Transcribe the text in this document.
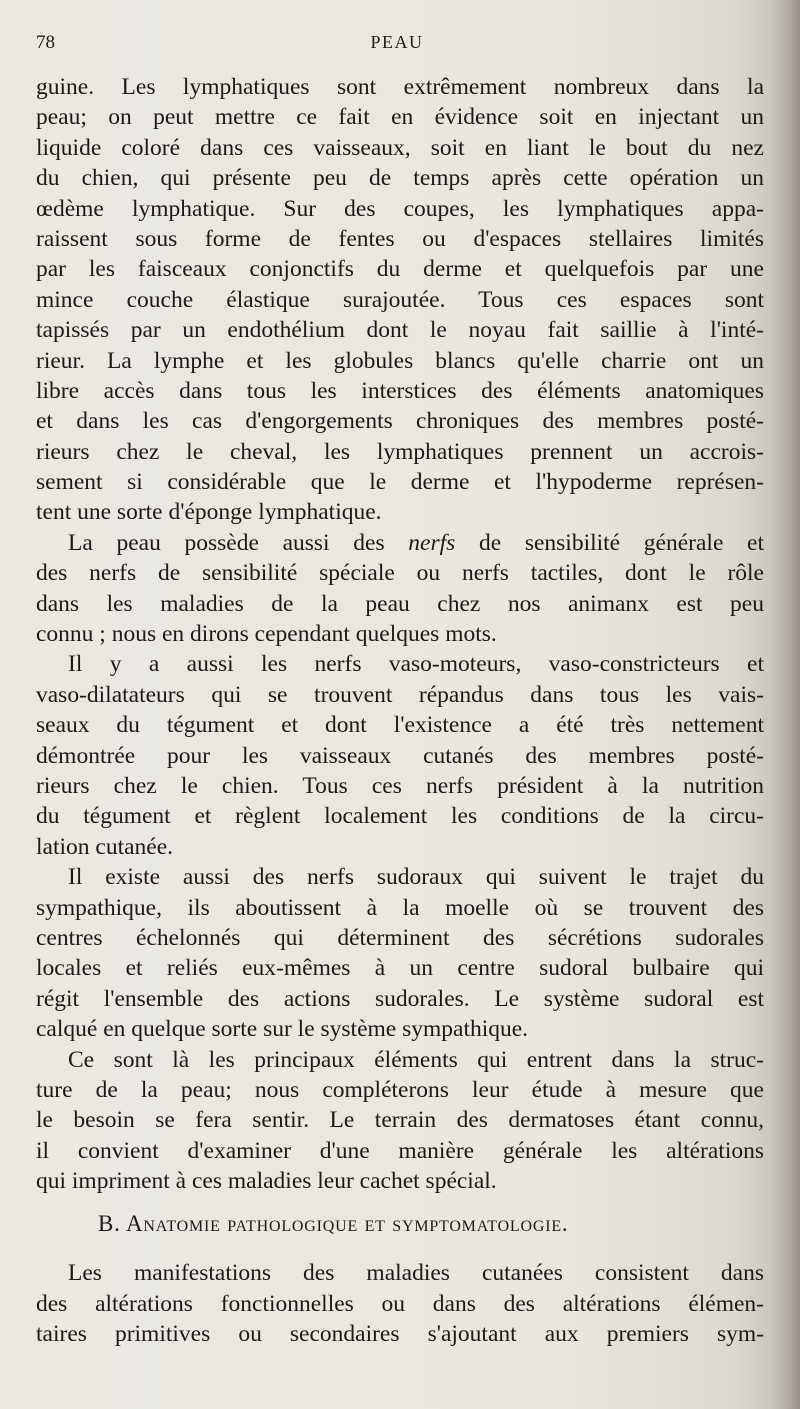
78	PEAU
guine. Les lymphatiques sont extrêmement nombreux dans la
peau; on peut mettre ce fait en évidence soit en injectant un
liquide coloré dans ces vaisseaux, soit en liant le bout du nez
du chien, qui présente peu de temps après cette opération un
œdème lymphatique. Sur des coupes, les lymphatiques appa-
raissent sous forme de fentes ou d'espaces stellaires limités
par les faisceaux conjonctifs du derme et quelquefois par une
mince couche élastique surajoutée. Tous ces espaces sont
tapissés par un endothélium dont le noyau fait saillie à l'inté-
rieur. La lymphe et les globules blancs qu'elle charrie ont un
libre accès dans tous les interstices des éléments anatomiques
et dans les cas d'engorgements chroniques des membres posté-
rieurs chez le cheval, les lymphatiques prennent un accrois-
sement si considérable que le derme et l'hypoderme représen-
tent une sorte d'éponge lymphatique.
La peau possède aussi des nerfs de sensibilité générale et
des nerfs de sensibilité spéciale ou nerfs tactiles, dont le rôle
dans les maladies de la peau chez nos animanx est peu
connu ; nous en dirons cependant quelques mots.
Il y a aussi les nerfs vaso-moteurs, vaso-constricteurs et
vaso-dilatateurs qui se trouvent répandus dans tous les vais-
seaux du tégument et dont l'existence a été très nettement
démontrée pour les vaisseaux cutanés des membres posté-
rieurs chez le chien. Tous ces nerfs président à la nutrition
du tégument et règlent localement les conditions de la circu-
lation cutanée.
Il existe aussi des nerfs sudoraux qui suivent le trajet du
sympathique, ils aboutissent à la moelle où se trouvent des
centres échelonnés qui déterminent des sécrétions sudorales
locales et reliés eux-mêmes à un centre sudoral bulbaire qui
régit l'ensemble des actions sudorales. Le système sudoral est
calqué en quelque sorte sur le système sympathique.
Ce sont là les principaux éléments qui entrent dans la struc-
ture de la peau; nous compléterons leur étude à mesure que
le besoin se fera sentir. Le terrain des dermatoses étant connu,
il convient d'examiner d'une manière générale les altérations
qui impriment à ces maladies leur cachet spécial.
B. Anatomie pathologique et symptomatologie.
Les manifestations des maladies cutanées consistent dans
des altérations fonctionnelles ou dans des altérations élémen-
taires primitives ou secondaires s'ajoutant aux premiers sym-
